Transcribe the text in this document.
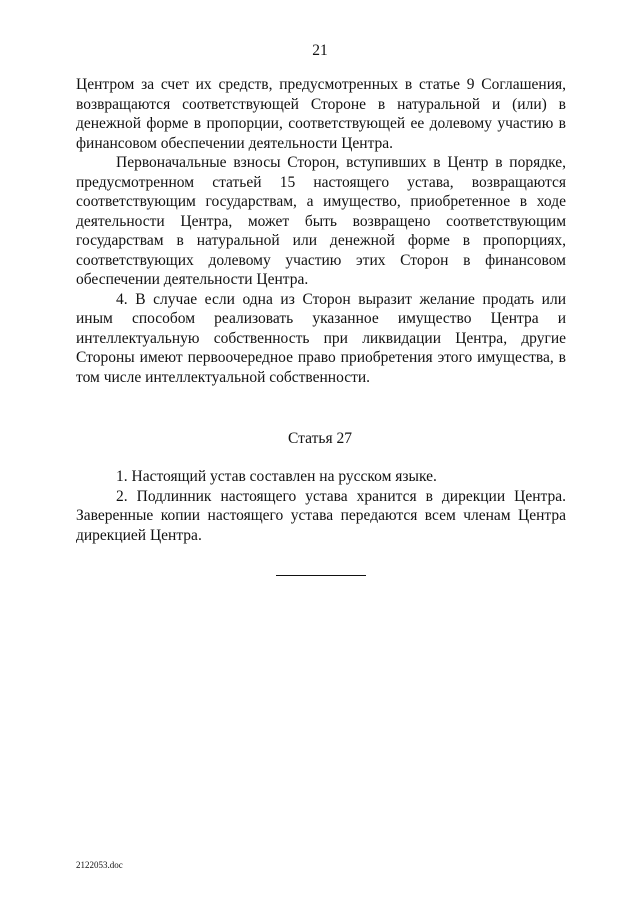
21

Центром за счет их средств, предусмотренных в статье 9 Соглашения, возвращаются соответствующей Стороне в натуральной и (или) в денежной форме в пропорции, соответствующей ее долевому участию в финансовом обеспечении деятельности Центра.

Первоначальные взносы Сторон, вступивших в Центр в порядке, предусмотренном статьей 15 настоящего устава, возвращаются соответствующим государствам, а имущество, приобретенное в ходе деятельности Центра, может быть возвращено соответствующим государствам в натуральной или денежной форме в пропорциях, соответствующих долевому участию этих Сторон в финансовом обеспечении деятельности Центра.

4. В случае если одна из Сторон выразит желание продать или иным способом реализовать указанное имущество Центра и интеллектуальную собственность при ликвидации Центра, другие Стороны имеют первоочередное право приобретения этого имущества, в том числе интеллектуальной собственности.

Статья 27

1. Настоящий устав составлен на русском языке.

2. Подлинник настоящего устава хранится в дирекции Центра. Заверенные копии настоящего устава передаются всем членам Центра дирекцией Центра.

2122053.doc
